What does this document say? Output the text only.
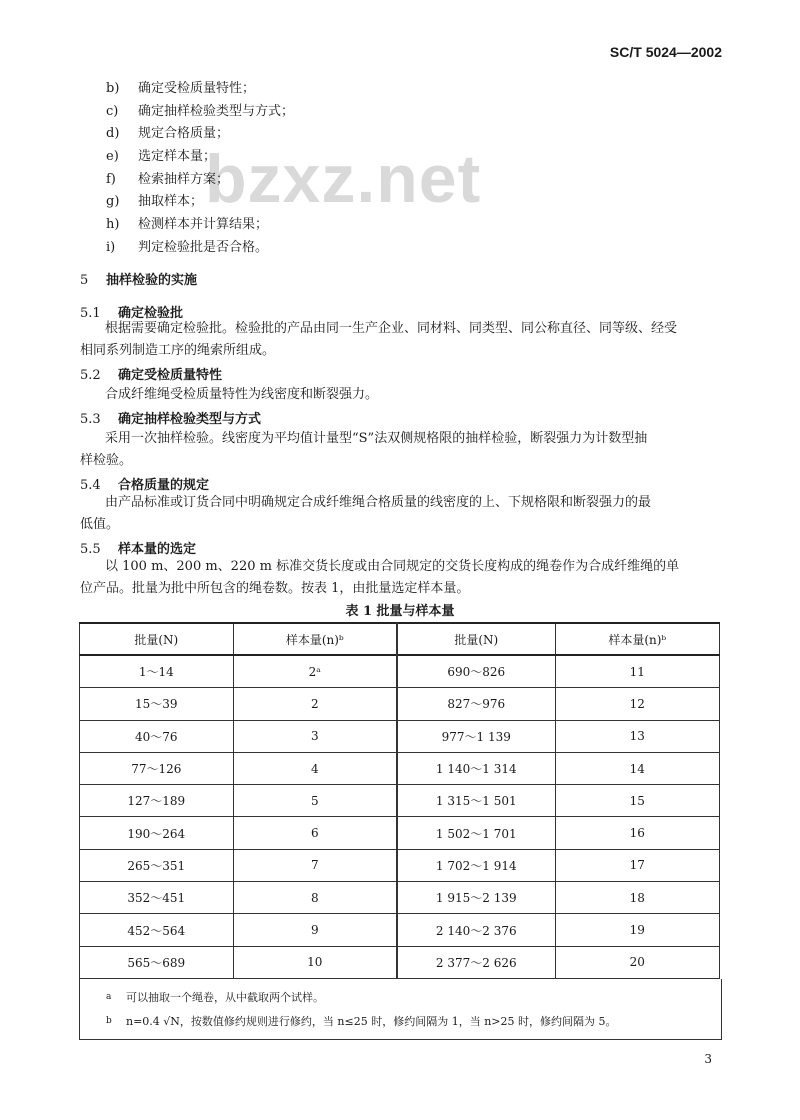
SC/T 5024—2002
bzxz.net
b) 确定受检质量特性；
c) 确定抽样检验类型与方式；
d) 规定合格质量；
e) 选定样本量；
f) 检索抽样方案；
g) 抽取样本；
h) 检测样本并计算结果；
i) 判定检验批是否合格。
5 抽样检验的实施
5.1 确定检验批
根据需要确定检验批。检验批的产品由同一生产企业、同材料、同类型、同公称直径、同等级、经受
相同系列制造工序的绳索所组成。
5.2 确定受检质量特性
合成纤维绳受检质量特性为线密度和断裂强力。
5.3 确定抽样检验类型与方式
采用一次抽样检验。线密度为平均值计量型“S”法双侧规格限的抽样检验，断裂强力为计数型抽
样检验。
5.4 合格质量的规定
由产品标准或订货合同中明确规定合成纤维绳合格质量的线密度的上、下规格限和断裂强力的最
低值。
5.5 样本量的选定
以 100 m、200 m、220 m 标准交货长度或由合同规定的交货长度构成的绳卷作为合成纤维绳的单
位产品。批量为批中所包含的绳卷数。按表 1，由批量选定样本量。
表 1 批量与样本量
批量(N)	样本量(n)ᵇ	批量(N)	样本量(n)ᵇ
1～14	2ᵃ	690～826	11
15～39	2	827～976	12
40～76	3	977～1 139	13
77～126	4	1 140～1 314	14
127～189	5	1 315～1 501	15
190～264	6	1 502～1 701	16
265～351	7	1 702～1 914	17
352～451	8	1 915～2 139	18
452～564	9	2 140～2 376	19
565～689	10	2 377～2 626	20
a 可以抽取一个绳卷，从中截取两个试样。
b n=0.4 √N，按数值修约规则进行修约，当 n≤25 时，修约间隔为 1，当 n>25 时，修约间隔为 5。
3
